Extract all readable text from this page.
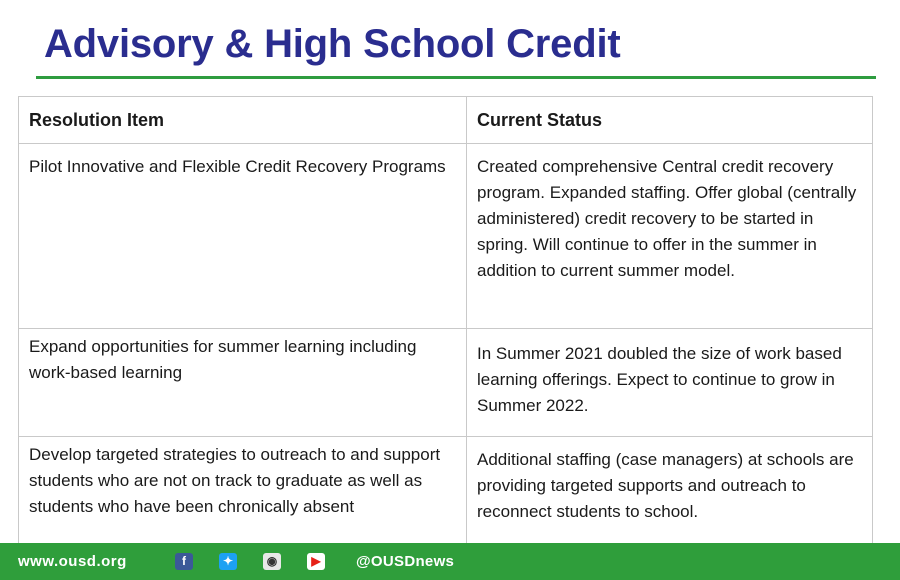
Advisory & High School Credit
Resolution Item	Current Status
Pilot Innovative and Flexible Credit Recovery Programs	Created comprehensive Central credit recovery program. Expanded staffing. Offer global (centrally administered) credit recovery to be started in spring. Will continue to offer in the summer in addition to current summer model.
Expand opportunities for summer learning including work-based learning	In Summer 2021 doubled the size of work based learning offerings. Expect to continue to grow in Summer 2022.
Develop targeted strategies to outreach to and support students who are not on track to graduate as well as students who have been chronically absent	Additional staffing (case managers) at schools are providing targeted supports and outreach to reconnect students to school.
www.ousd.org	f	✦	◉	▶ @OUSDnews
